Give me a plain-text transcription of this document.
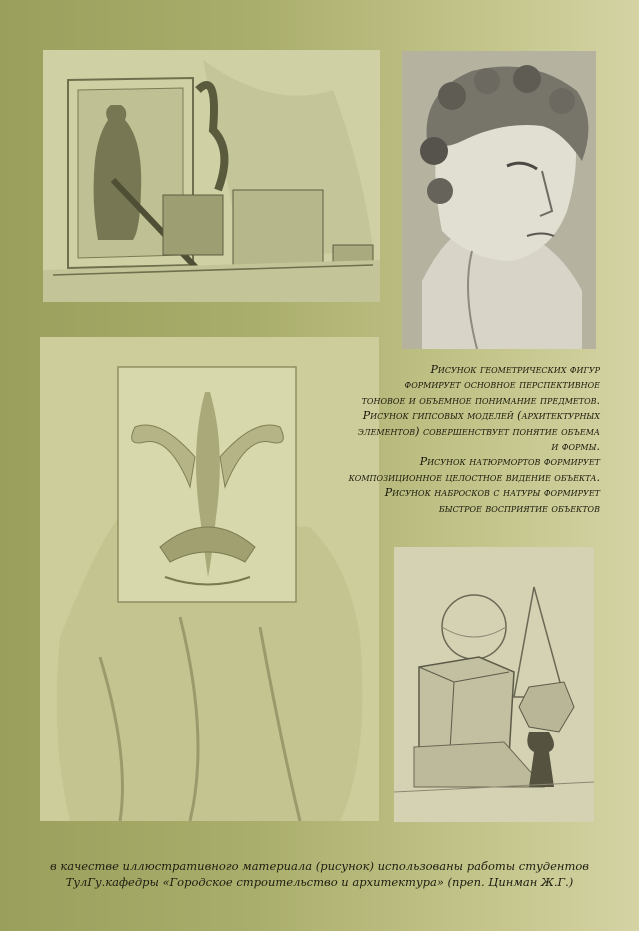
Рисунок геометрических фигур

формирует основное перспективное

тоновое и объемное понимание предметов.

Рисунок гипсовых моделей (архитектурных

элементов) совершенствует понятие объема

и формы.

Рисунок натюрмортов формирует

композиционное целостное видение объекта.

Рисунок набросков с натуры формирует

быстрое восприятие объектов

в качестве иллюстративного материала (рисунок) использованы работы студентов

ТулГу.кафедры «Городское строительство и архитектура» (преп. Цинман Ж.Г.)
